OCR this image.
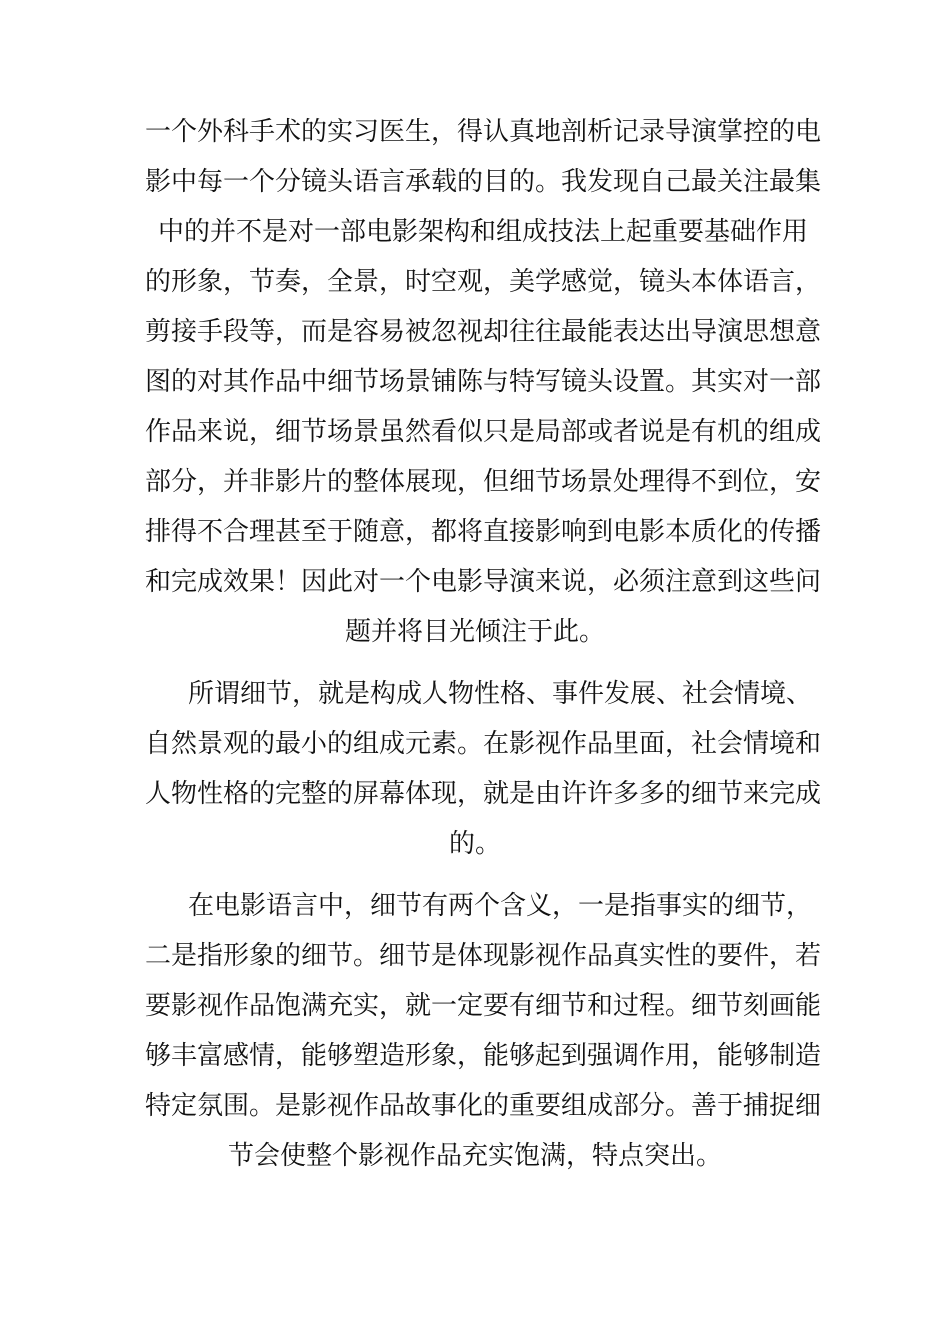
一个外科手术的实习医生，得认真地剖析记录导演掌控的电
影中每一个分镜头语言承载的目的。我发现自己最关注最集
中的并不是对一部电影架构和组成技法上起重要基础作用
的形象，节奏，全景，时空观，美学感觉，镜头本体语言，
剪接手段等，而是容易被忽视却往往最能表达出导演思想意
图的对其作品中细节场景铺陈与特写镜头设置。其实对一部
作品来说，细节场景虽然看似只是局部或者说是有机的组成
部分，并非影片的整体展现，但细节场景处理得不到位，安
排得不合理甚至于随意，都将直接影响到电影本质化的传播
和完成效果！因此对一个电影导演来说，必须注意到这些问
题并将目光倾注于此。
所谓细节，就是构成人物性格、事件发展、社会情境、
自然景观的最小的组成元素。在影视作品里面，社会情境和
人物性格的完整的屏幕体现，就是由许许多多的细节来完成
的。
在电影语言中，细节有两个含义，一是指事实的细节，
二是指形象的细节。细节是体现影视作品真实性的要件，若
要影视作品饱满充实，就一定要有细节和过程。细节刻画能
够丰富感情，能够塑造形象，能够起到强调作用，能够制造
特定氛围。是影视作品故事化的重要组成部分。善于捕捉细
节会使整个影视作品充实饱满，特点突出。
